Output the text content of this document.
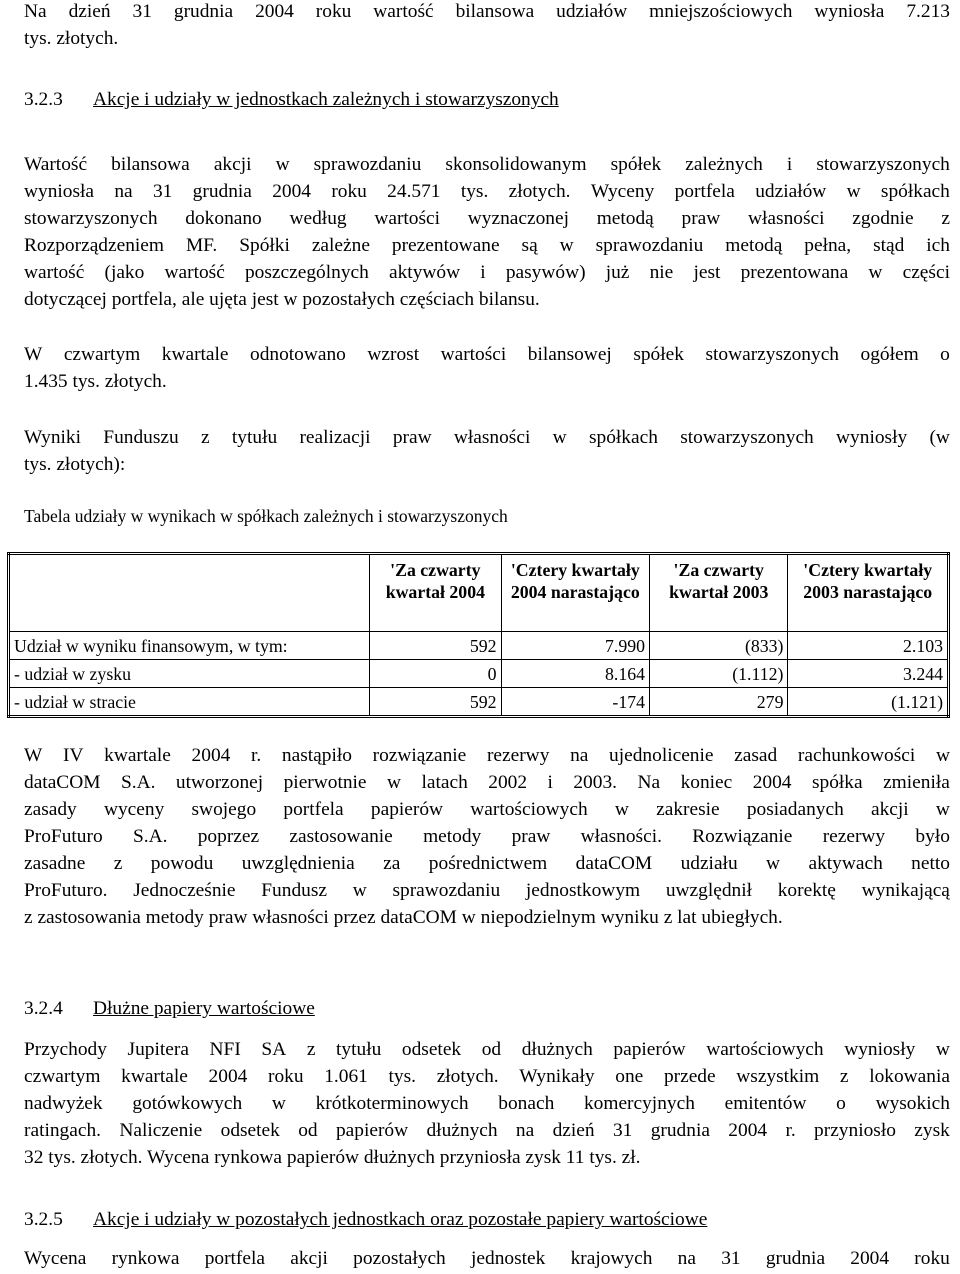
Na dzień 31 grudnia 2004 roku wartość bilansowa udziałów mniejszościowych wyniosła 7.213
tys. złotych.
3.2.3 Akcje i udziały w jednostkach zależnych i stowarzyszonych
Wartość bilansowa akcji w sprawozdaniu skonsolidowanym spółek zależnych i stowarzyszonych
wyniosła na 31 grudnia 2004 roku 24.571 tys. złotych. Wyceny portfela udziałów w spółkach
stowarzyszonych dokonano według wartości wyznaczonej metodą praw własności zgodnie z
Rozporządzeniem MF. Spółki zależne prezentowane są w sprawozdaniu metodą pełna, stąd ich
wartość (jako wartość poszczególnych aktywów i pasywów) już nie jest prezentowana w części
dotyczącej portfela, ale ujęta jest w pozostałych częściach bilansu.
W czwartym kwartale odnotowano wzrost wartości bilansowej spółek stowarzyszonych ogółem o
1.435 tys. złotych.
Wyniki Funduszu z tytułu realizacji praw własności w spółkach stowarzyszonych wyniosły (w
tys. złotych):
Tabela udziały w wynikach w spółkach zależnych i stowarzyszonych
W IV kwartale 2004 r. nastąpiło rozwiązanie rezerwy na ujednolicenie zasad rachunkowości w
dataCOM S.A. utworzonej pierwotnie w latach 2002 i 2003. Na koniec 2004 spółka zmieniła
zasady wyceny swojego portfela papierów wartościowych w zakresie posiadanych akcji w
ProFuturo S.A. poprzez zastosowanie metody praw własności. Rozwiązanie rezerwy było
zasadne z powodu uwzględnienia za pośrednictwem dataCOM udziału w aktywach netto
ProFuturo. Jednocześnie Fundusz w sprawozdaniu jednostkowym uwzględnił korektę wynikającą
z zastosowania metody praw własności przez dataCOM w niepodzielnym wyniku z lat ubiegłych.
3.2.4 Dłużne papiery wartościowe
Przychody Jupitera NFI SA z tytułu odsetek od dłużnych papierów wartościowych wyniosły w
czwartym kwartale 2004 roku 1.061 tys. złotych. Wynikały one przede wszystkim z lokowania
nadwyżek gotówkowych w krótkoterminowych bonach komercyjnych emitentów o wysokich
ratingach. Naliczenie odsetek od papierów dłużnych na dzień 31 grudnia 2004 r. przyniosło zysk
32 tys. złotych. Wycena rynkowa papierów dłużnych przyniosła zysk 11 tys. zł.
3.2.5 Akcje i udziały w pozostałych jednostkach oraz pozostałe papiery wartościowe
Wycena rynkowa portfela akcji pozostałych jednostek krajowych na 31 grudnia 2004 roku
	'Za czwarty kwartał 2004	'Cztery kwartały 2004 narastająco	'Za czwarty kwartał 2003	'Cztery kwartały 2003 narastająco
Udział w wyniku finansowym, w tym:	592	7.990	(833)	2.103
- udział w zysku	0	8.164	(1.112)	3.244
- udział w stracie	592	-174	279	(1.121)
